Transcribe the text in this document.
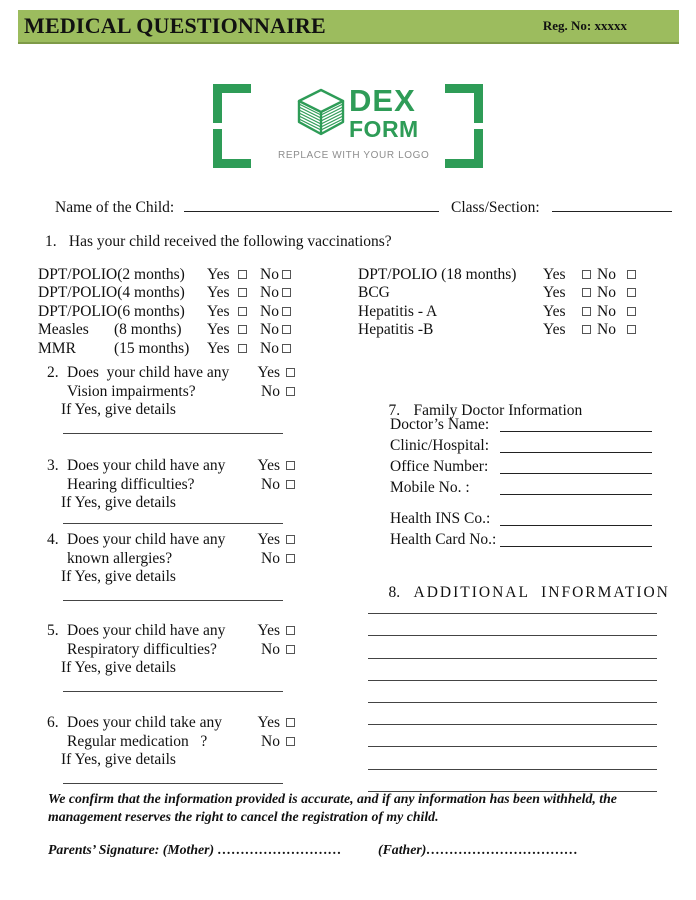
MEDICAL QUESTIONNAIRE	Reg. No: xxxxx
DEX
FORM
REPLACE WITH YOUR LOGO
Name of the Child:	Class/Section:
1. Has your child received the following vaccinations?
DPT/POLIO(2 months) Yes No
DPT/POLIO(4 months) Yes No
DPT/POLIO(6 months) Yes No
Measles (8 months) Yes No
MMR (15 months) Yes No
DPT/POLIO (18 months) Yes No
BCG	Yes No
Hepatitis - A	Yes No
Hepatitis -B	Yes No
2. Does  your child have any
Vision impairments?
If Yes, give details
Yes
No
3. Does your child have any
Hearing difficulties?
If Yes, give details
Yes
No
4. Does your child have any
known allergies?
If Yes, give details
Yes
No
5. Does your child have any
Respiratory difficulties?
If Yes, give details
Yes
No
6. Does your child take any
Regular medication   ?
If Yes, give details
Yes
No

7. Family Doctor Information

Doctor’s Name:
Clinic/Hospital:
Office Number:
Mobile No. :
Health INS Co.:
Health Card No.:

8. ADDITIONAL  INFORMATION

We confirm that the information provided is accurate, and if any information has been withheld, the
management reserves the right to cancel the registration of my child.
Parents’ Signature: (Mother) ………………………	(Father)……………………………
